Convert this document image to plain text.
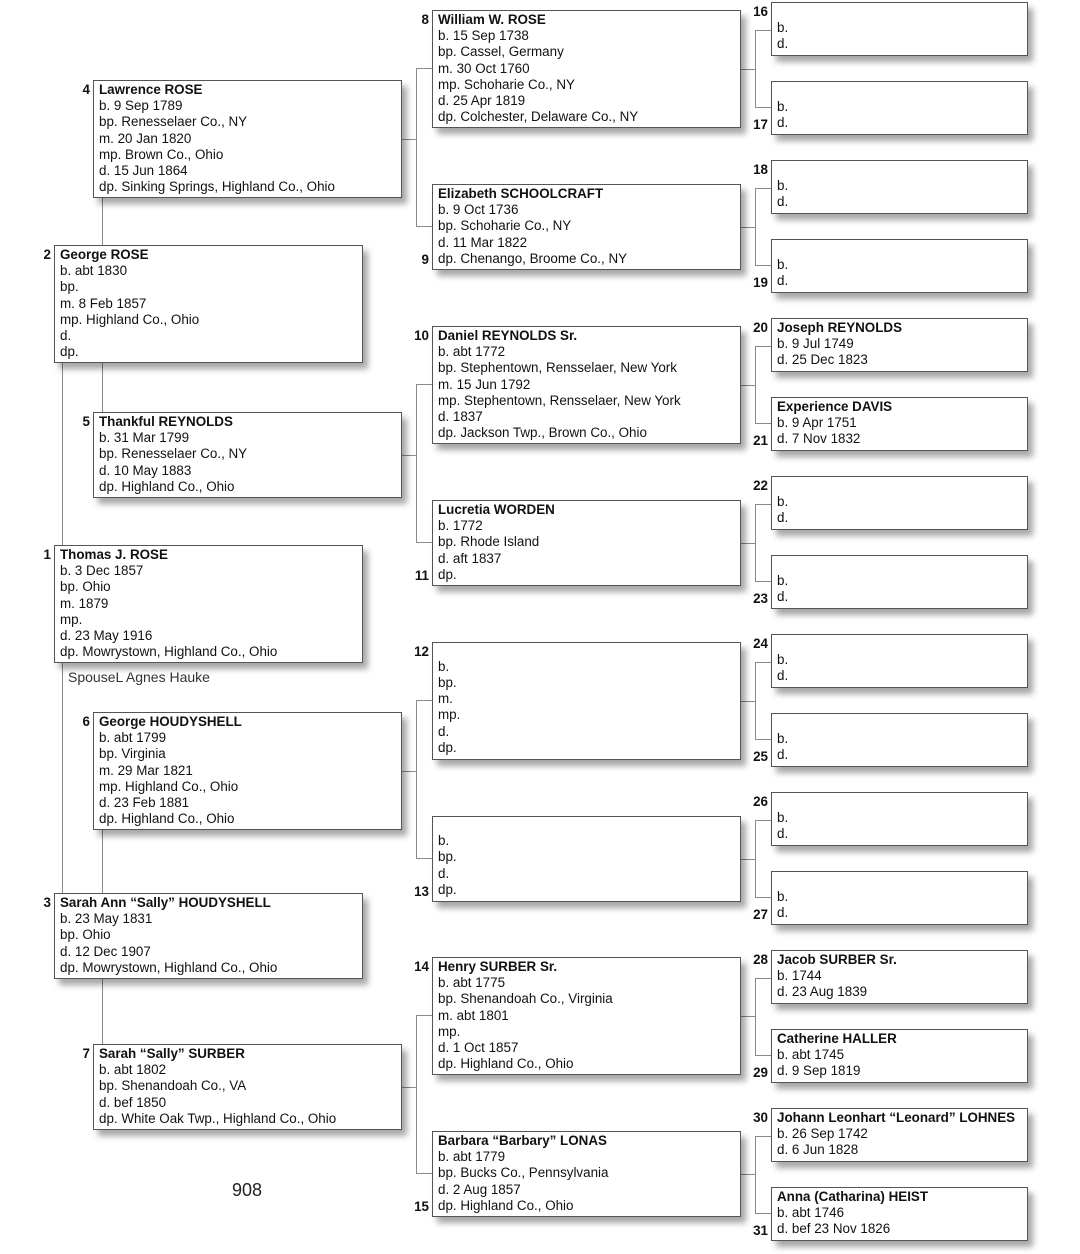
SpouseL Agnes Hauke
908
Thomas J. ROSE
b. 3 Dec 1857
bp. Ohio
m. 1879
mp.
d. 23 May 1916
dp. Mowrystown, Highland Co., Ohio
1
George ROSE
b. abt 1830
bp.
m. 8 Feb 1857
mp. Highland Co., Ohio
d.
dp.
2
Sarah Ann “Sally” HOUDYSHELL
b. 23 May 1831
bp. Ohio
d. 12 Dec 1907
dp. Mowrystown, Highland Co., Ohio
3
Lawrence ROSE
b. 9 Sep 1789
bp. Renesselaer Co., NY
m. 20 Jan 1820
mp. Brown Co., Ohio
d. 15 Jun 1864
dp. Sinking Springs, Highland Co., Ohio
4
Thankful REYNOLDS
b. 31 Mar 1799
bp. Renesselaer Co., NY
d. 10 May 1883
dp. Highland Co., Ohio
5
George HOUDYSHELL
b. abt 1799
bp. Virginia
m. 29 Mar 1821
mp. Highland Co., Ohio
d. 23 Feb 1881
dp. Highland Co., Ohio
6
Sarah “Sally” SURBER
b. abt 1802
bp. Shenandoah Co., VA
d. bef 1850
dp. White Oak Twp., Highland Co., Ohio
7
William W. ROSE
b. 15 Sep 1738
bp. Cassel, Germany
m. 30 Oct 1760
mp. Schoharie Co., NY
d. 25 Apr 1819
dp. Colchester, Delaware Co., NY
8
Elizabeth SCHOOLCRAFT
b. 9 Oct 1736
bp. Schoharie Co., NY
d. 11 Mar 1822
dp. Chenango, Broome Co., NY
9
Daniel REYNOLDS Sr.
b. abt 1772
bp. Stephentown, Rensselaer, New York
m. 15 Jun 1792
mp. Stephentown, Rensselaer, New York
d. 1837
dp. Jackson Twp., Brown Co., Ohio
10
Lucretia WORDEN
b. 1772
bp. Rhode Island
d. aft 1837
dp.
11
b.
bp.
m.
mp.
d.
dp.
12
b.
bp.
d.
dp.
13
Henry SURBER Sr.
b. abt 1775
bp. Shenandoah Co., Virginia
m. abt 1801
mp.
d. 1 Oct 1857
dp. Highland Co., Ohio
14
Barbara “Barbary” LONAS
b. abt 1779
bp. Bucks Co., Pennsylvania
d. 2 Aug 1857
dp. Highland Co., Ohio
15
b.
d.
16
b.
d.
17
b.
d.
18
b.
d.
19
Joseph REYNOLDS
b. 9 Jul 1749
d. 25 Dec 1823
20
Experience DAVIS
b. 9 Apr 1751
d. 7 Nov 1832
21
b.
d.
22
b.
d.
23
b.
d.
24
b.
d.
25
b.
d.
26
b.
d.
27
Jacob SURBER Sr.
b. 1744
d. 23 Aug 1839
28
Catherine HALLER
b. abt 1745
d. 9 Sep 1819
29
Johann Leonhart “Leonard” LOHNES
b. 26 Sep 1742
d. 6 Jun 1828
30
Anna (Catharina) HEIST
b. abt 1746
d. bef 23 Nov 1826
31
